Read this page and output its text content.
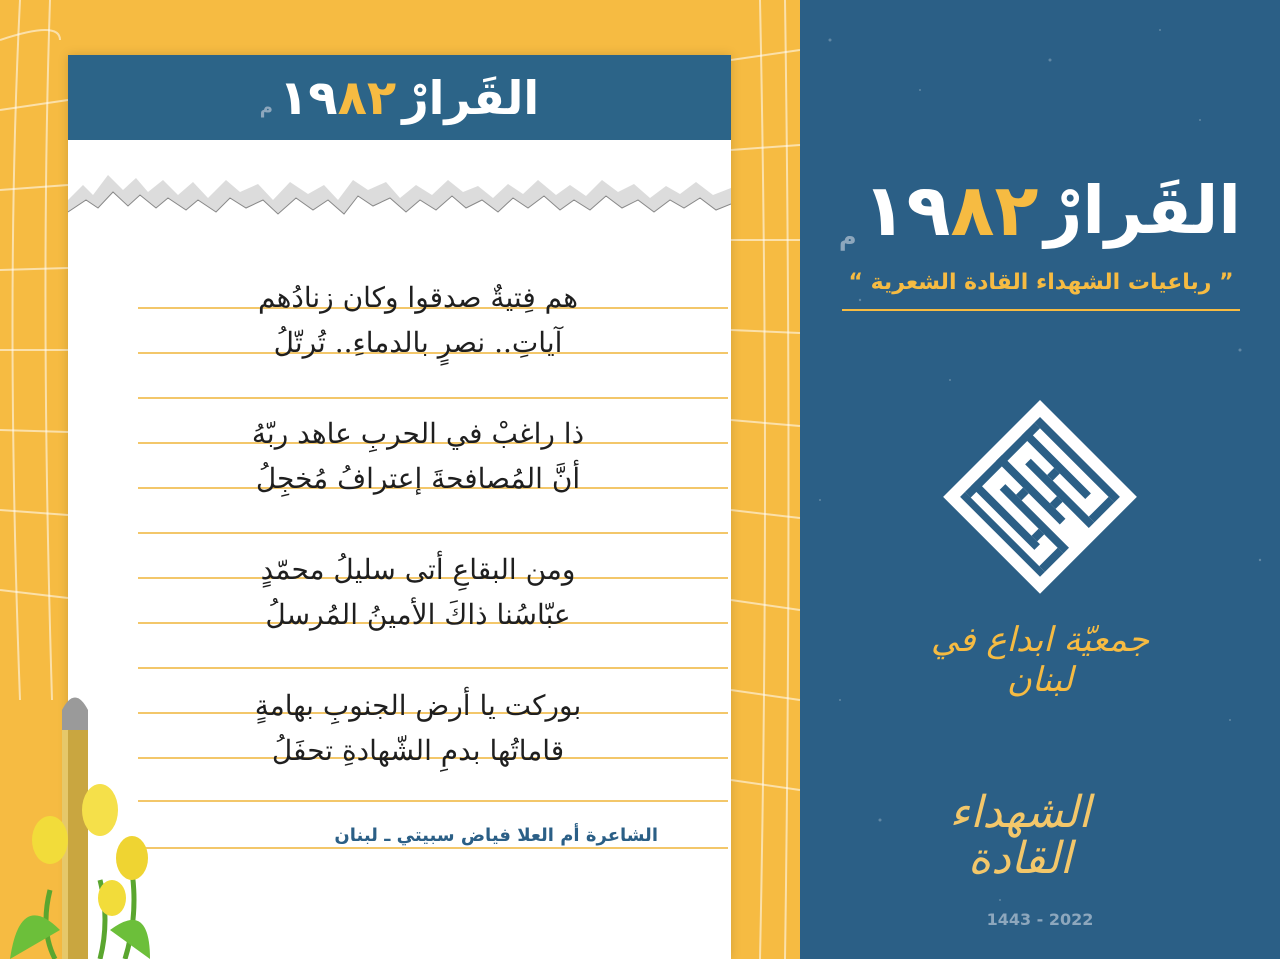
القَرارْ
١٩٨٢
م
هم فِتيةٌ صدقوا وكان زنادُهم
آياتِ.. نصرٍ بالدماءِ.. تُرتّلُ
ذا راغبْ في الحربِ عاهد ربّهُ
أنَّ المُصافحةَ إعترافُ مُخجِلُ
ومن البقاعِ أتى سليلُ محمّدٍ
عبّاسُنا ذاكَ الأمينُ المُرسلُ
بوركت يا أرض الجنوبِ بهامةٍ
قاماتُها بدمِ الشّهادةِ تحفَلُ
الشاعرة أم العلا فياض سبيتي ـ لبنان
القَرارْ
١٩٨٢
م
” رباعيات الشهداء القادة الشعرية “
جمعيّة ابداع في لبنان
الشهداء القادة
1443 - 2022
